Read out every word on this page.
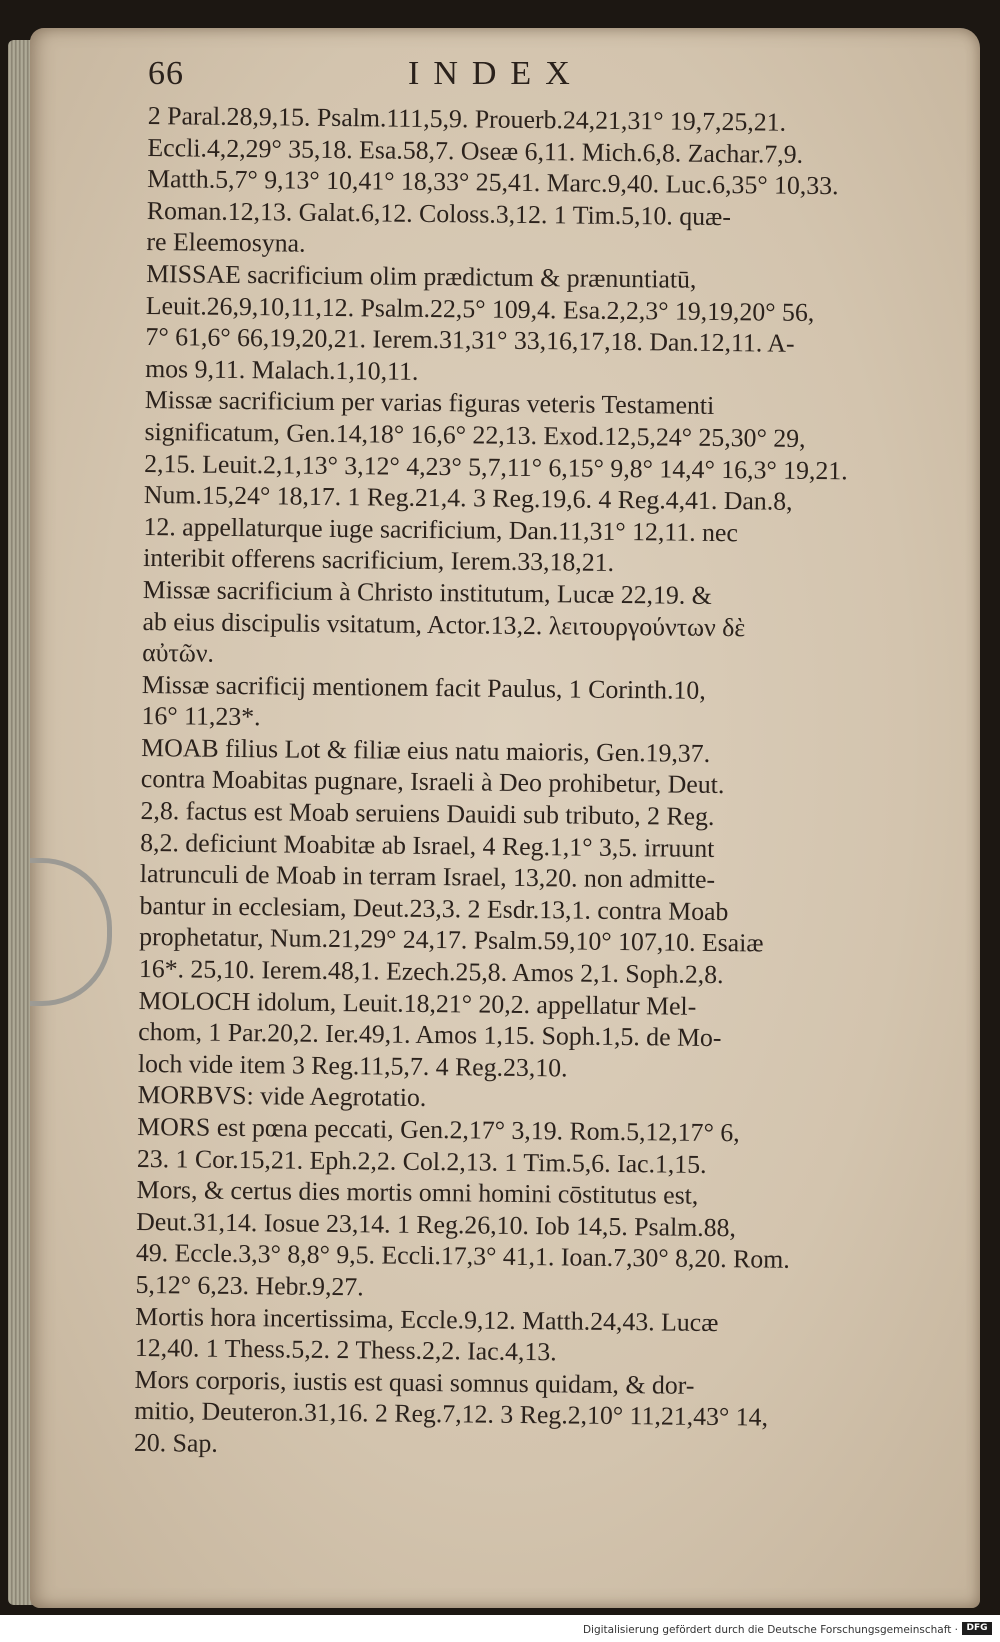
66	INDEX
2 Paral.28,9,15. Psalm.111,5,9. Prouerb.24,21,31° 19,7,25,21.
Eccli.4,2,29° 35,18. Esa.58,7. Oseæ 6,11. Mich.6,8. Zachar.7,9.
Matth.5,7° 9,13° 10,41° 18,33° 25,41. Marc.9,40. Luc.6,35° 10,33.
Roman.12,13. Galat.6,12. Coloss.3,12. 1 Tim.5,10. quæ-
re Eleemosyna.
MISSAE sacrificium olim prædictum & prænuntiatū,
Leuit.26,9,10,11,12. Psalm.22,5° 109,4. Esa.2,2,3° 19,19,20° 56,
7° 61,6° 66,19,20,21. Ierem.31,31° 33,16,17,18. Dan.12,11. A-
mos 9,11. Malach.1,10,11.
Missæ sacrificium per varias figuras veteris Testamenti
significatum, Gen.14,18° 16,6° 22,13. Exod.12,5,24° 25,30° 29,
2,15. Leuit.2,1,13° 3,12° 4,23° 5,7,11° 6,15° 9,8° 14,4° 16,3° 19,21.
Num.15,24° 18,17. 1 Reg.21,4. 3 Reg.19,6. 4 Reg.4,41. Dan.8,
12. appellaturque iuge sacrificium, Dan.11,31° 12,11. nec
interibit offerens sacrificium, Ierem.33,18,21.
Missæ sacrificium à Christo institutum, Lucæ 22,19. &
ab eius discipulis vsitatum, Actor.13,2. λειτουργούντων δὲ
αὐτῶν.
Missæ sacrificij mentionem facit Paulus, 1 Corinth.10,
16° 11,23*.
MOAB filius Lot & filiæ eius natu maioris, Gen.19,37.
contra Moabitas pugnare, Israeli à Deo prohibetur, Deut.
2,8. factus est Moab seruiens Dauidi sub tributo, 2 Reg.
8,2. deficiunt Moabitæ ab Israel, 4 Reg.1,1° 3,5. irruunt
latrunculi de Moab in terram Israel, 13,20. non admitte-
bantur in ecclesiam, Deut.23,3. 2 Esdr.13,1. contra Moab
prophetatur, Num.21,29° 24,17. Psalm.59,10° 107,10. Esaiæ
16*. 25,10. Ierem.48,1. Ezech.25,8. Amos 2,1. Soph.2,8.
MOLOCH idolum, Leuit.18,21° 20,2. appellatur Mel-
chom, 1 Par.20,2. Ier.49,1. Amos 1,15. Soph.1,5. de Mo-
loch vide item 3 Reg.11,5,7. 4 Reg.23,10.
MORBVS: vide Aegrotatio.
MORS est pœna peccati, Gen.2,17° 3,19. Rom.5,12,17° 6,
23. 1 Cor.15,21. Eph.2,2. Col.2,13. 1 Tim.5,6. Iac.1,15.
Mors, & certus dies mortis omni homini cōstitutus est,
Deut.31,14. Iosue 23,14. 1 Reg.26,10. Iob 14,5. Psalm.88,
49. Eccle.3,3° 8,8° 9,5. Eccli.17,3° 41,1. Ioan.7,30° 8,20. Rom.
5,12° 6,23. Hebr.9,27.
Mortis hora incertissima, Eccle.9,12. Matth.24,43. Lucæ
12,40. 1 Thess.5,2. 2 Thess.2,2. Iac.4,13.
Mors corporis, iustis est quasi somnus quidam, & dor-
mitio, Deuteron.31,16. 2 Reg.7,12. 3 Reg.2,10° 11,21,43° 14,
20. Sap.
Digitalisierung gefördert durch die Deutsche Forschungsgemeinschaft · DFG
